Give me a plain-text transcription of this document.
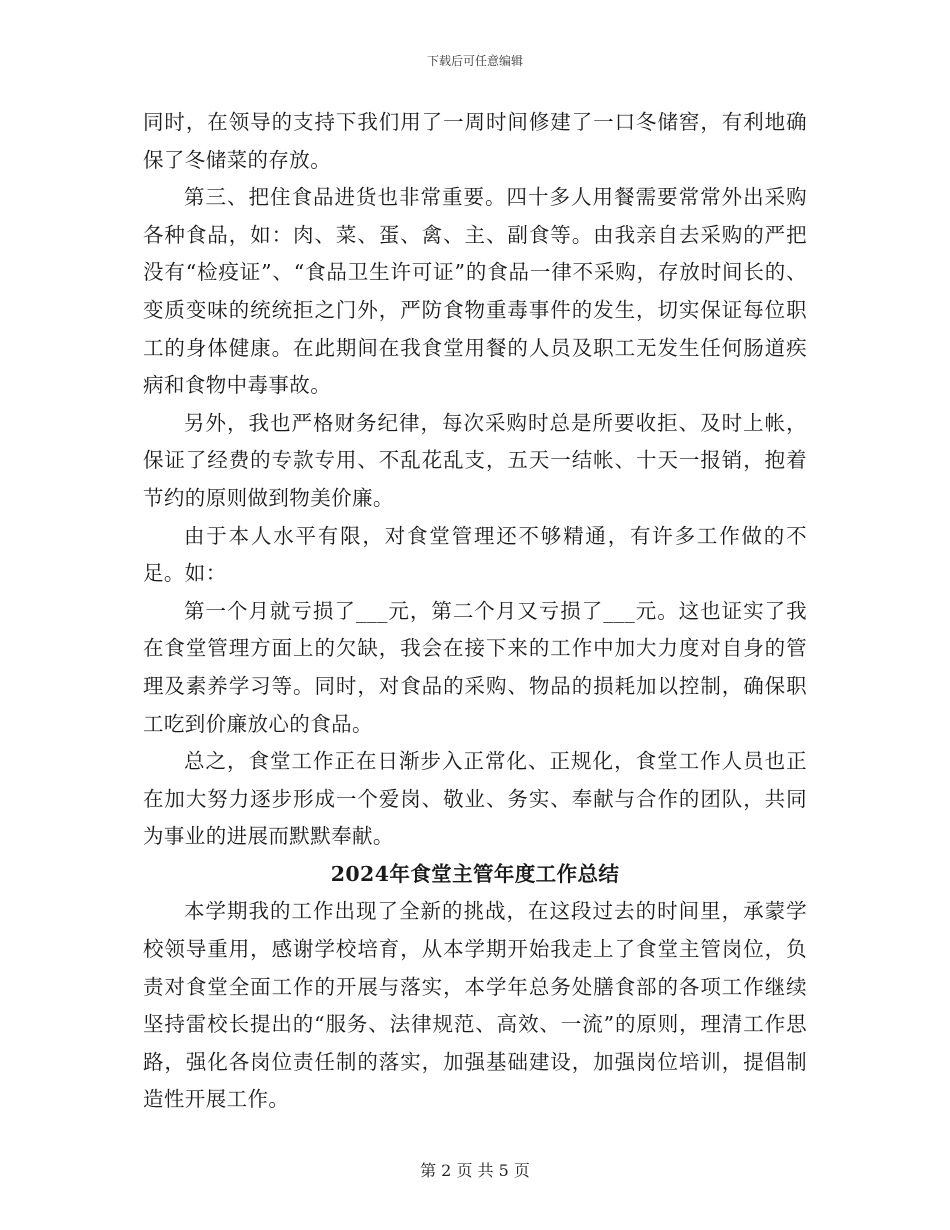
下载后可任意编辑

同时，在领导的支持下我们用了一周时间修建了一口冬储窖，有利地确保了冬储菜的存放。

第三、把住食品进货也非常重要。四十多人用餐需要常常外出采购各种食品，如：肉、菜、蛋、禽、主、副食等。由我亲自去采购的严把没有“检疫证”、“食品卫生许可证”的食品一律不采购，存放时间长的、变质变味的统统拒之门外，严防食物重毒事件的发生，切实保证每位职工的身体健康。在此期间在我食堂用餐的人员及职工无发生任何肠道疾病和食物中毒事故。

另外，我也严格财务纪律，每次采购时总是所要收拒、及时上帐，保证了经费的专款专用、不乱花乱支，五天一结帐、十天一报销，抱着节约的原则做到物美价廉。

由于本人水平有限，对食堂管理还不够精通，有许多工作做的不足。如：

第一个月就亏损了___元，第二个月又亏损了___元。这也证实了我在食堂管理方面上的欠缺，我会在接下来的工作中加大力度对自身的管理及素养学习等。同时，对食品的采购、物品的损耗加以控制，确保职工吃到价廉放心的食品。

总之，食堂工作正在日渐步入正常化、正规化，食堂工作人员也正在加大努力逐步形成一个爱岗、敬业、务实、奉献与合作的团队，共同为事业的进展而默默奉献。

2024年食堂主管年度工作总结

本学期我的工作出现了全新的挑战，在这段过去的时间里，承蒙学校领导重用，感谢学校培育，从本学期开始我走上了食堂主管岗位，负责对食堂全面工作的开展与落实，本学年总务处膳食部的各项工作继续坚持雷校长提出的“服务、法律规范、高效、一流”的原则，理清工作思路，强化各岗位责任制的落实，加强基础建设，加强岗位培训，提倡制造性开展工作。

第 2 页 共 5 页
